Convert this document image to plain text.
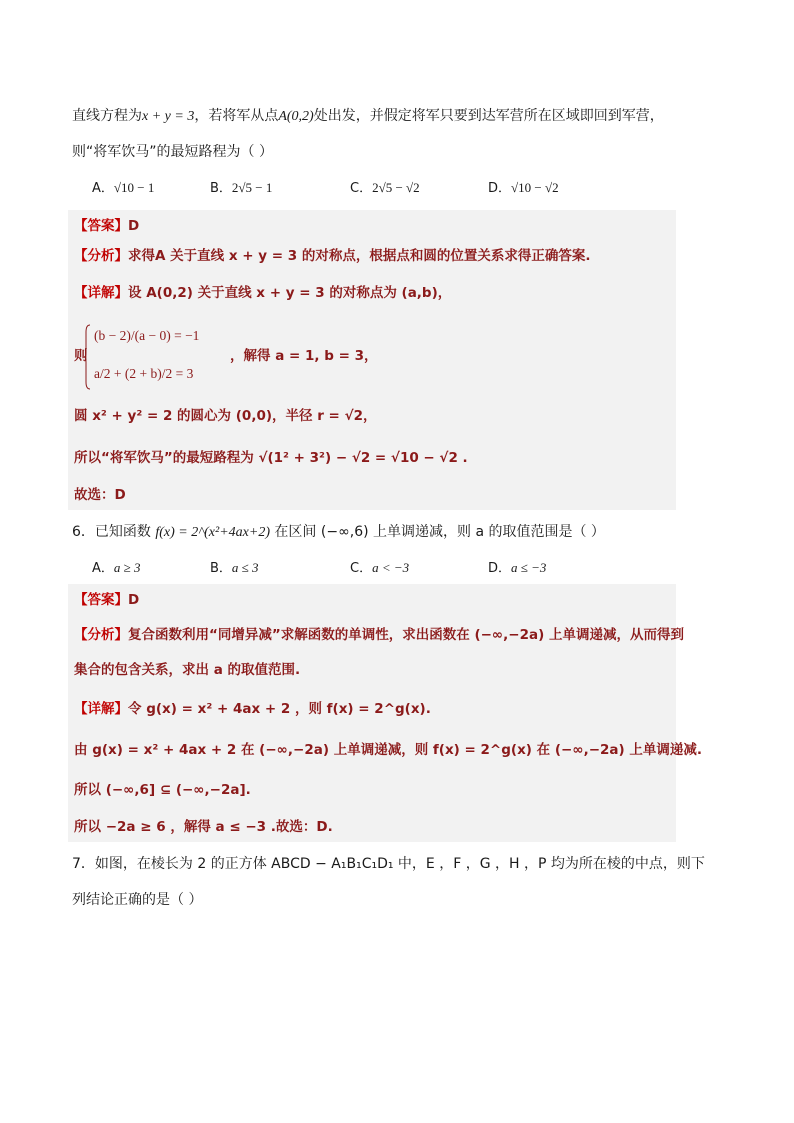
直线方程为x + y = 3，若将军从点A(0,2)处出发，并假定将军只要到达军营所在区域即回到军营，
则“将军饮马”的最短路程为（ ）
A．√10 − 1	B．2√5 − 1	C．2√5 − √2	D．√10 − √2
【答案】D
【分析】求得A 关于直线 x + y = 3 的对称点，根据点和圆的位置关系求得正确答案.
【详解】设 A(0,2) 关于直线 x + y = 3 的对称点为 (a,b)，
则
(b − 2)/(a − 0) = −1
a/2 + (2 + b)/2 = 3
，解得 a = 1, b = 3，
圆 x² + y² = 2 的圆心为 (0,0)，半径 r = √2，
所以“将军饮马”的最短路程为 √(1² + 3²) − √2 = √10 − √2 .
故选：D
6．已知函数 f(x) = 2^(x²+4ax+2) 在区间 (−∞,6) 上单调递减，则 a 的取值范围是（ ）
A．a ≥ 3	B．a ≤ 3	C．a < −3	D．a ≤ −3
【答案】D
【分析】复合函数利用“同增异减”求解函数的单调性，求出函数在 (−∞,−2a) 上单调递减，从而得到
集合的包含关系，求出 a 的取值范围.
【详解】令 g(x) = x² + 4ax + 2 ，则 f(x) = 2^g(x).
由 g(x) = x² + 4ax + 2 在 (−∞,−2a) 上单调递减，则 f(x) = 2^g(x) 在 (−∞,−2a) 上单调递减.
所以 (−∞,6] ⊆ (−∞,−2a].
所以 −2a ≥ 6 ，解得 a ≤ −3 .故选：D.
7．如图，在棱长为 2 的正方体 ABCD − A₁B₁C₁D₁ 中，E ，F ，G ，H ，P 均为所在棱的中点，则下
列结论正确的是（ ）
